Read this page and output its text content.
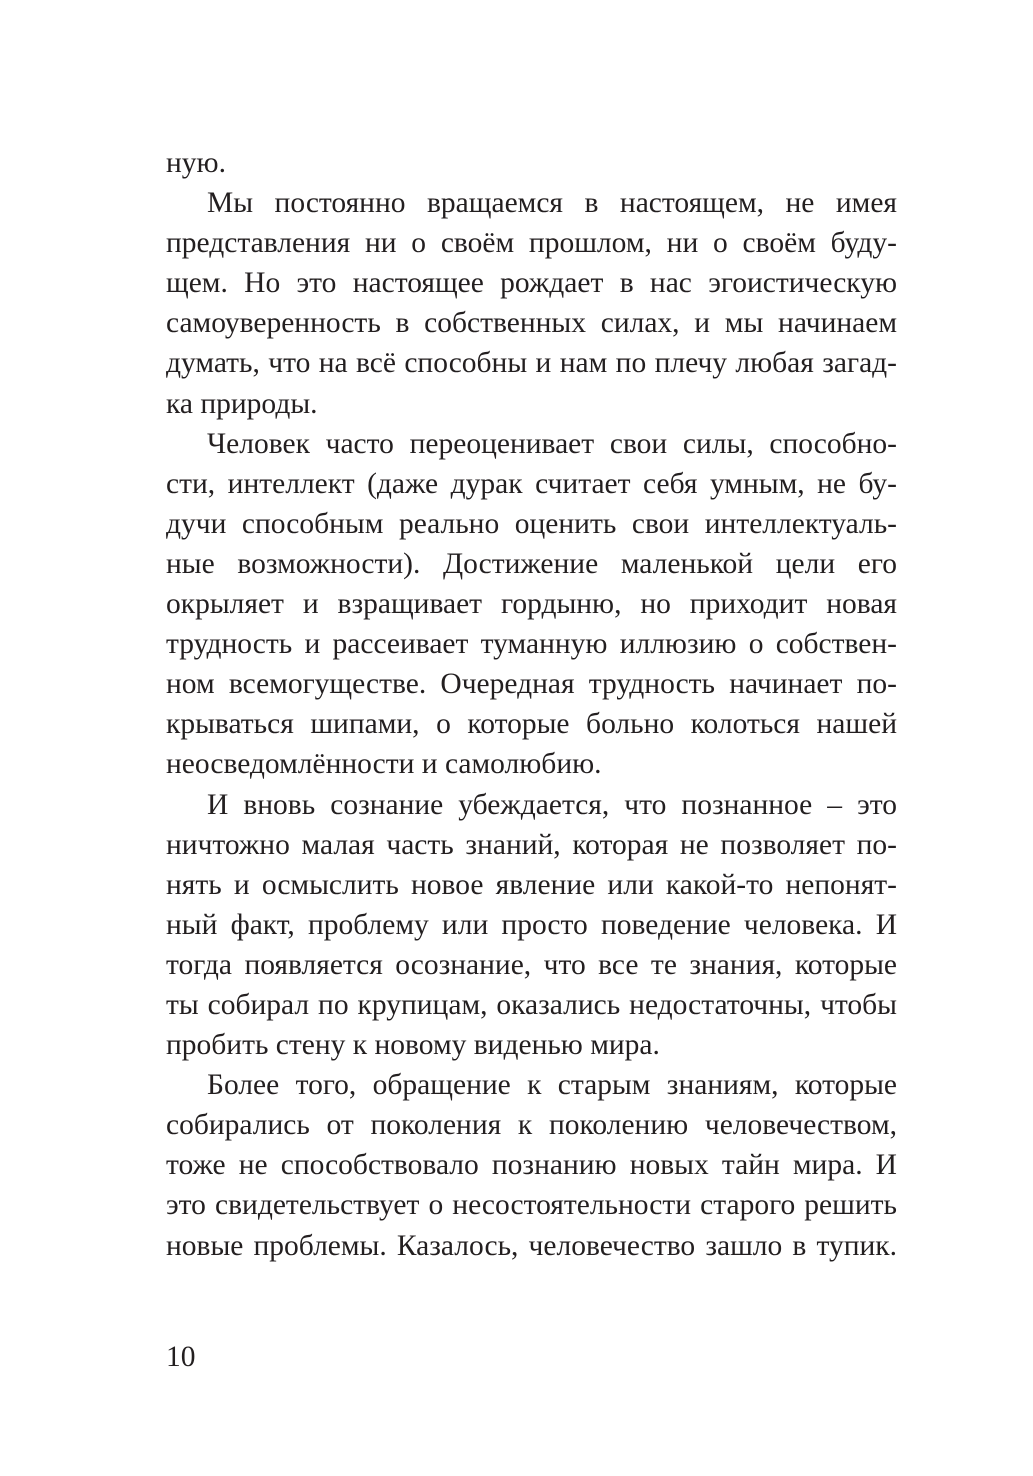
ную.
Мы постоянно вращаемся в настоящем, не имея
представления ни о своём прошлом, ни о своём буду-
щем. Но это настоящее рождает в нас эгоистическую
самоуверенность в собственных силах, и мы начинаем
думать, что на всё способны и нам по плечу любая загад-
ка природы.
Человек часто переоценивает свои силы, способно-
сти, интеллект (даже дурак считает себя умным, не бу-
дучи способным реально оценить свои интеллектуаль-
ные возможности). Достижение маленькой цели его
окрыляет и взращивает гордыню, но приходит новая
трудность и рассеивает туманную иллюзию о собствен-
ном всемогуществе. Очередная трудность начинает по-
крываться шипами, о которые больно колоться нашей
неосведомлённости и самолюбию.
И вновь сознание убеждается, что познанное – это
ничтожно малая часть знаний, которая не позволяет по-
нять и осмыслить новое явление или какой-то непонят-
ный факт, проблему или просто поведение человека. И
тогда появляется осознание, что все те знания, которые
ты собирал по крупицам, оказались недостаточны, чтобы
пробить стену к новому виденью мира.
Более того, обращение к старым знаниям, которые
собирались от поколения к поколению человечеством,
тоже не способствовало познанию новых тайн мира. И
это свидетельствует о несостоятельности старого решить
новые проблемы. Казалось, человечество зашло в тупик.
10
